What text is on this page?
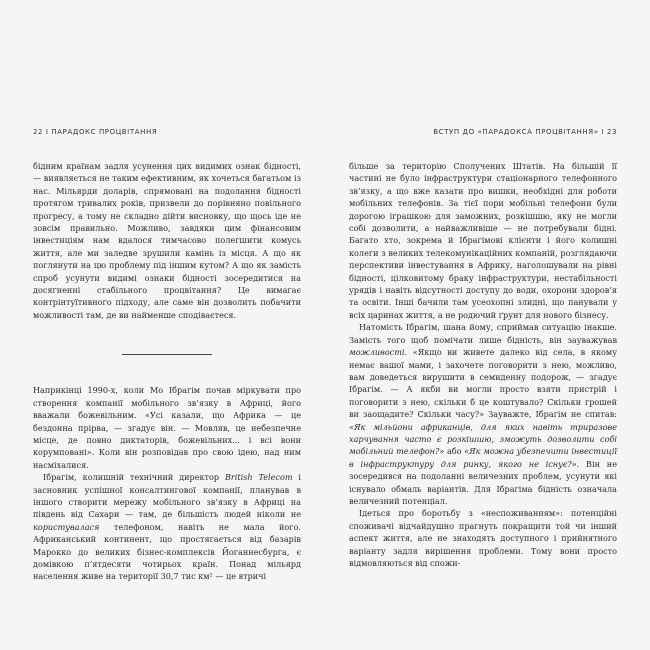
22 І ПАРАДОКС ПРОЦВІТАННЯ	ВСТУП ДО «ПАРАДОКСА ПРОЦВІТАННЯ» І 23

бідним країнам задля усунення цих видимих ознак бідності, — виявляється не таким ефективним, як хочеться багатьом із нас. Мільярди доларів, спрямовані на подолання бідності протягом тривалих років, призвели до порівняно повільного прогресу, а тому не складно дійти висновку, що щось іде не зовсім правильно. Можливо, завдяки цим фінансовим інвестиціям нам вдалося тимчасово полегшити комусь життя, але ми заледве зрушили камінь із місця. А що як поглянути на цю проблему під іншим кутом? А що як замість спроб усунути видимі ознаки бідності зосередитися на досягненні стабільного процвітання? Це вимагає контрінтуїтивного підходу, але саме він дозволить побачити можливості там, де ви найменше сподіваєтеся.

Наприкінці 1990-х, коли Мо Ібрагім почав міркувати про створення компанії мобільного зв’язку в Африці, його вважали божевільним. «Усі казали, що Африка — це бездонна прірва, — згадує він. — Мовляв, це небезпечне місце, де повно диктаторів, божевільних... і всі вони корумповані». Коли він розповідав про свою ідею, над ним насміхалися.

Ібрагім, колишній технічний директор British Telecom і засновник успішної консалтингової компанії, планував в іншого створити мережу мобільного зв’язку в Африці на південь від Сахари — там, де більшість людей ніколи не користувалася телефоном, навіть не мала його. Африканський континент, що простягається від базарів Марокко до великих бізнес-комплексів Йоганнесбурга, є домівкою п’ятдесяти чотирьох країн. Понад мільярд населення живе на території 30,7 тис км² — це втричі

більше за територію Сполучених Штатів. На більшій її частині не було інфраструктури стаціонарного телефонного зв’язку, а що вже казати про вишки, необхідні для роботи мобільних телефонів. За тієї пори мобільні телефони були дорогою іграшкою для заможних, розкішшю, яку не могли собі дозволити, а найважливіше — не потребували бідні. Багато хто, зокрема й Ібрагімові клієнти і його колишні колеги з великих телекомунікаційних компаній, розглядаючи перспективи інвестування в Африку, наголошували на рівні бідності, цілковитому браку інфраструктури, нестабільності урядів і навіть відсутності доступу до води, охорони здоров’я та освіти. Інші бачили там усеохопні злидні, що панували у всіх царинах життя, а не родючий ґрунт для нового бізнесу.

Натомість Ібрагім, шана йому, сприймав ситуацію інакше. Замість того щоб помічати лише бідність, він зауважував можливості. «Якщо ви живете далеко від села, в якому немає вашої мами, і захочете поговорити з нею, можливо, вам доведеться вирушити в семиденну подорож, — згадує Ібрагім. — А якби ви могли просто взяти пристрій і поговорити з нею, скільки б це коштувало? Скільки грошей ви заощадите? Скільки часу?» Зауважте, Ібрагім не спитав: «Як мільйони африканців, для яких навіть триразове харчування часто є розкішшю, зможуть дозволити собі мобільний телефон?» або «Як можна убезпечити інвестиції в інфраструктуру для ринку, якого не існує?». Він не зосередився на подоланні величезних проблем, усунути які існувало обмаль варіантів. Для Ібрагіма бідність означала величезний потенціал.

Ідеться про боротьбу з «неспоживанням»: потенційні споживачі відчайдушно прагнуть покращити той чи інший аспект життя, але не знаходять доступного і прийнятного варіанту задля вирішення проблеми. Тому вони просто відмовляються від спожи-
